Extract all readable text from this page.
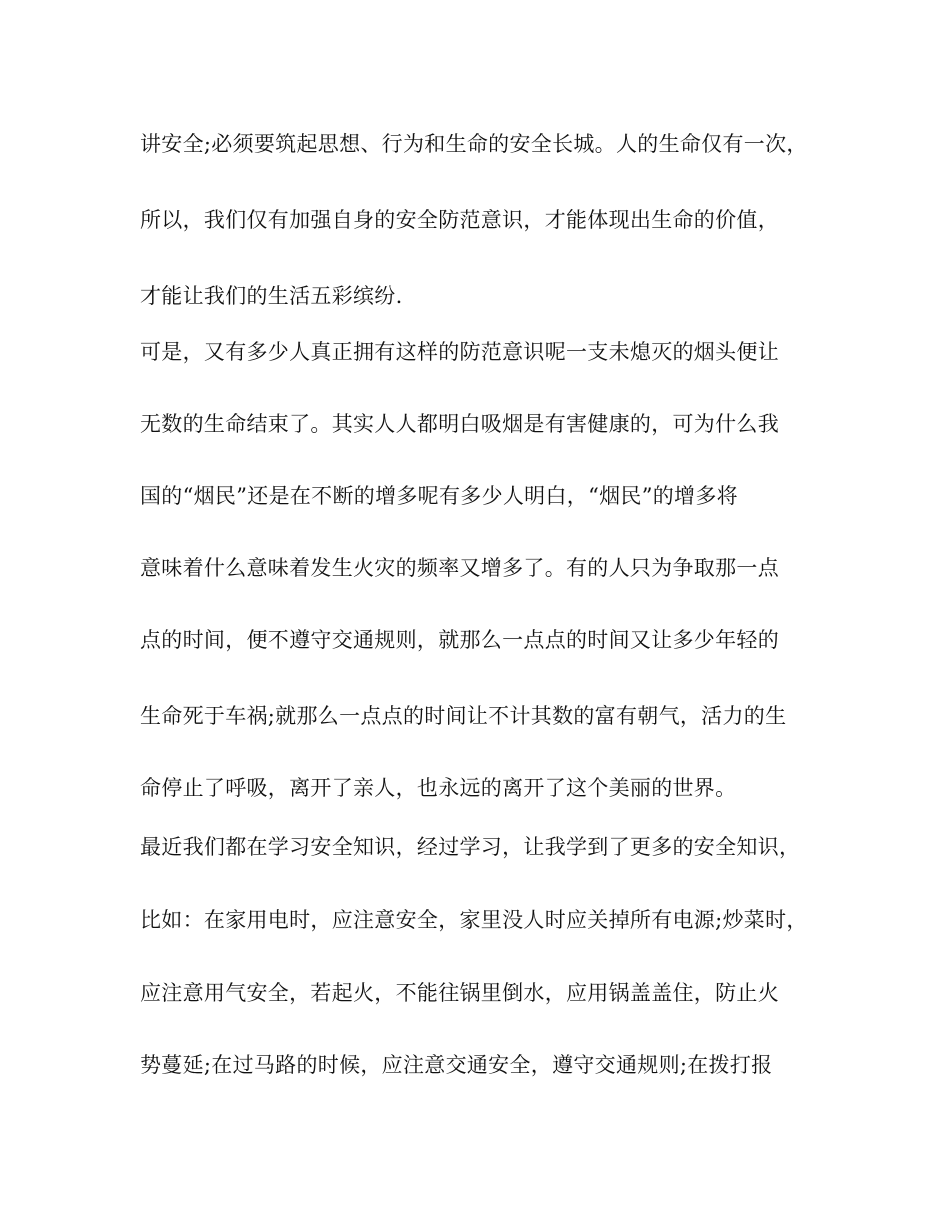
讲安全;必须要筑起思想、行为和生命的安全长城。人的生命仅有一次，
所以，我们仅有加强自身的安全防范意识，才能体现出生命的价值，
才能让我们的生活五彩缤纷.
可是，又有多少人真正拥有这样的防范意识呢一支未熄灭的烟头便让
无数的生命结束了。其实人人都明白吸烟是有害健康的，可为什么我
国的“烟民”还是在不断的增多呢有多少人明白，“烟民”的增多将
意味着什么意味着发生火灾的频率又增多了。有的人只为争取那一点
点的时间，便不遵守交通规则，就那么一点点的时间又让多少年轻的
生命死于车祸;就那么一点点的时间让不计其数的富有朝气，活力的生
命停止了呼吸，离开了亲人，也永远的离开了这个美丽的世界。
最近我们都在学习安全知识，经过学习，让我学到了更多的安全知识，
比如：在家用电时，应注意安全，家里没人时应关掉所有电源;炒菜时，
应注意用气安全，若起火，不能往锅里倒水，应用锅盖盖住，防止火
势蔓延;在过马路的时候，应注意交通安全，遵守交通规则;在拨打报
